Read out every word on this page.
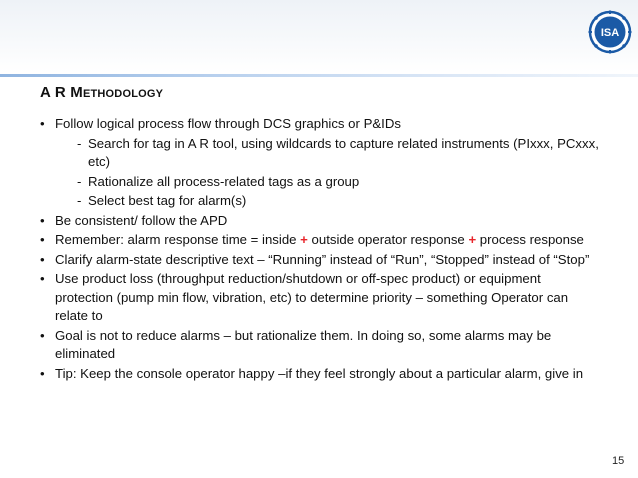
ISA
A R METHODOLOGY
• Follow logical process flow through DCS graphics or P&IDs
- Search for tag in A R tool, using wildcards to capture related instruments (PIxxx, PCxxx, etc)
- Rationalize all process-related tags as a group
- Select best tag for alarm(s)
• Be consistent/ follow the APD
• Remember: alarm response time = inside + outside operator response + process response
• Clarify alarm-state descriptive text – “Running” instead of “Run”, “Stopped” instead of “Stop”
• Use product loss (throughput reduction/shutdown or off-spec product) or equipment protection (pump min flow, vibration, etc) to determine priority – something Operator can relate to
• Goal is not to reduce alarms – but rationalize them. In doing so, some alarms may be eliminated
• Tip: Keep the console operator happy –if they feel strongly about a particular alarm, give in
15
